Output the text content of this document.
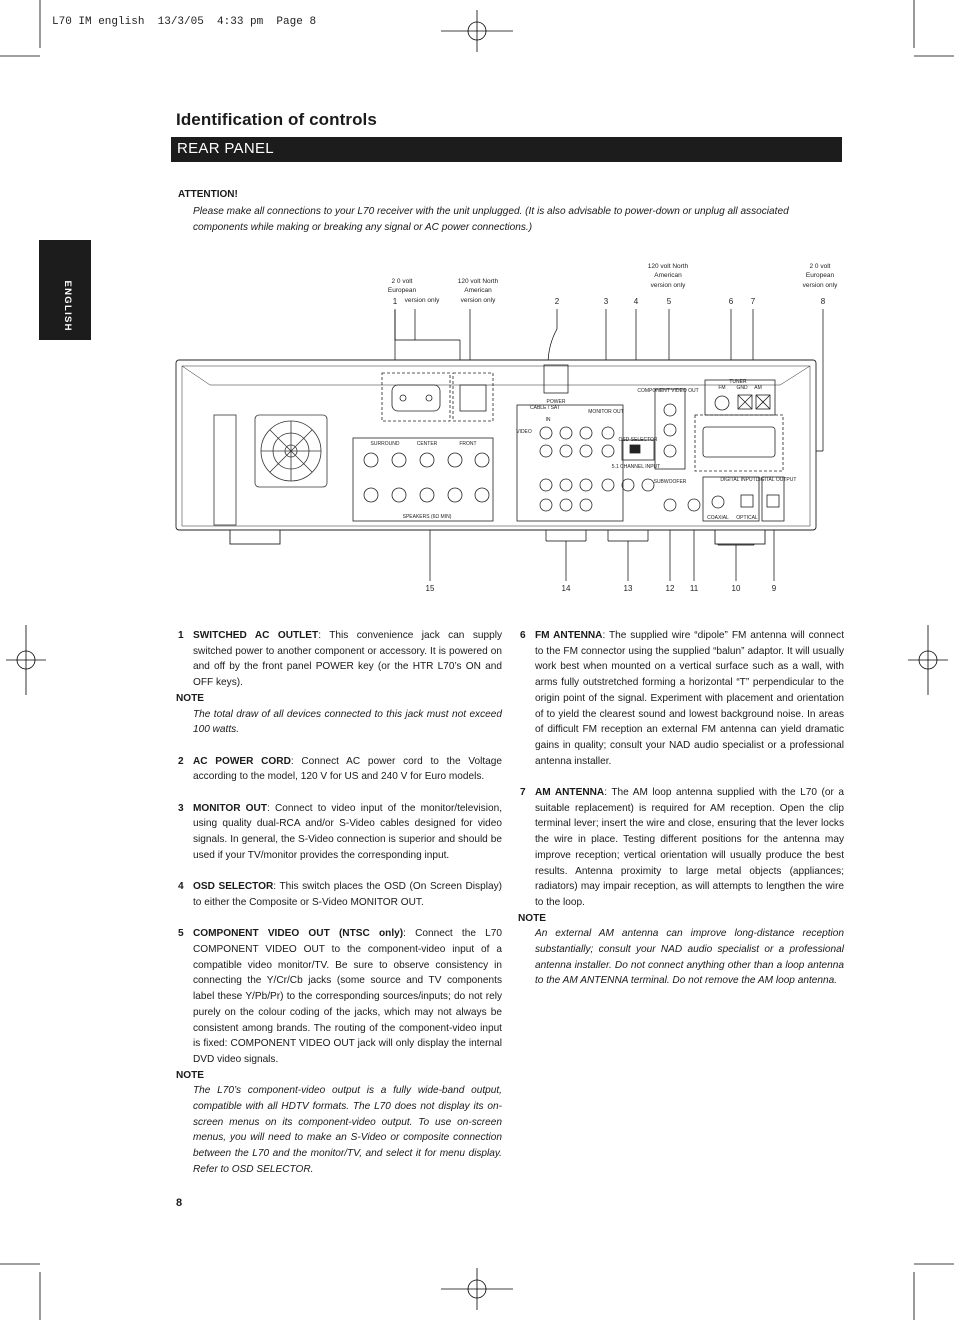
L70 IM english  13/3/05  4:33 pm  Page 8
Identification of controls
REAR PANEL
ENGLISH
ATTENTION!
Please make all connections to your L70 receiver with the unit unplugged. (It is also advisable to power-down or unplug all associated components while making or breaking any signal or AC power connections.)
2 0 volt
European
version only
120 volt North
American
version only
120 volt North
American
version only
2 0 volt
European
version only
1	2	3	4	5	6 7	8
15	14	13	12 11	10	9
SURROUND	CENTER	FRONT
SPEAKERS (6Ω MIN)
POWER
COMPONENT VIDEO OUT
DIGITAL INPUT DIGITAL OUTPUT
COAXIAL OPTICAL
TUNER
MONITOR OUT
OSD SELECTOR
5.1 CHANNEL INPUT
SUBWOOFER
VIDEO
CABLE / SAT
IN
FM	AM
GND
1 SWITCHED AC OUTLET: This convenience jack can supply switched power to another component or accessory. It is powered on and off by the front panel POWER key (or the HTR L70’s ON and OFF keys).
NOTE
The total draw of all devices connected to this jack must not exceed 100 watts.
2 AC POWER CORD: Connect AC power cord to the Voltage according to the model, 120 V for US and 240 V for Euro models.
3 MONITOR OUT: Connect to video input of the monitor/television, using quality dual-RCA and/or S-Video cables designed for video signals. In general, the S-Video connection is superior and should be used if your TV/monitor provides the corresponding input.
4 OSD SELECTOR: This switch places the OSD (On Screen Display) to either the Composite or S-Video MONITOR OUT.
5 COMPONENT VIDEO OUT (NTSC only): Connect the L70 COMPONENT VIDEO OUT to the component-video input of a compatible video monitor/TV. Be sure to observe consistency in connecting the Y/Cr/Cb jacks (some source and TV components label these Y/Pb/Pr) to the corresponding sources/inputs; do not rely purely on the colour coding of the jacks, which may not always be consistent among brands. The routing of the component-video input is fixed: COMPONENT VIDEO OUT jack will only display the internal DVD video signals.
NOTE
The L70’s component-video output is a fully wide-band output, compatible with all HDTV formats. The L70 does not display its on-screen menus on its component-video output. To use on-screen menus, you will need to make an S-Video or composite connection between the L70 and the monitor/TV, and select it for menu display. Refer to OSD SELECTOR.
6 FM ANTENNA: The supplied wire “dipole” FM antenna will connect to the FM connector using the supplied “balun” adaptor. It will usually work best when mounted on a vertical surface such as a wall, with arms fully outstretched forming a horizontal “T” perpendicular to the origin point of the signal. Experiment with placement and orientation of to yield the clearest sound and lowest background noise. In areas of difficult FM reception an external FM antenna can yield dramatic gains in quality; consult your NAD audio specialist or a professional antenna installer.
7 AM ANTENNA: The AM loop antenna supplied with the L70 (or a suitable replacement) is required for AM reception. Open the clip terminal lever; insert the wire and close, ensuring that the lever locks the wire in place. Testing different positions for the antenna may improve reception; vertical orientation will usually produce the best results. Antenna proximity to large metal objects (appliances; radiators) may impair reception, as will attempts to lengthen the wire to the loop.
NOTE
An external AM antenna can improve long-distance reception substantially; consult your NAD audio specialist or a professional antenna installer. Do not connect anything other than a loop antenna to the AM ANTENNA terminal. Do not remove the AM loop antenna.
8
